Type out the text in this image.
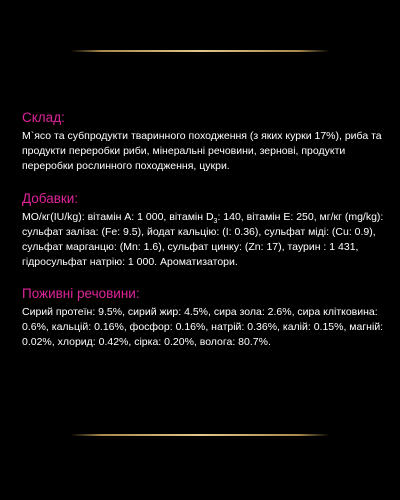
Склад:

М`ясо та субпродукти тваринного походження (з яких курки 17%), риба та продукти переробки риби, мінеральні речовини, зернові, продукти переробки рослинного походження, цукри.

Добавки:

МО/кг(IU/kg): вітамін А: 1 000, вітамін $D_3$: 140, вітамін Е: 250, мг/кг (mg/kg): сульфат заліза: (Fe: 9.5), йодат кальцію: (I: 0.36), сульфат міді: (Cu: 0.9), сульфат марганцю: (Mn: 1.6), сульфат цинку: (Zn: 17), таурин : 1 431, гідросульфат натрію: 1 000. Ароматизатори.

Поживні речовини:

Сирий протеїн: 9.5%, сирий жир: 4.5%, сира зола: 2.6%, сира клітковина: 0.6%, кальцій: 0.16%, фосфор: 0.16%, натрій: 0.36%, калій: 0.15%, магній: 0.02%, хлорид: 0.42%, сірка: 0.20%, волога: 80.7%.
